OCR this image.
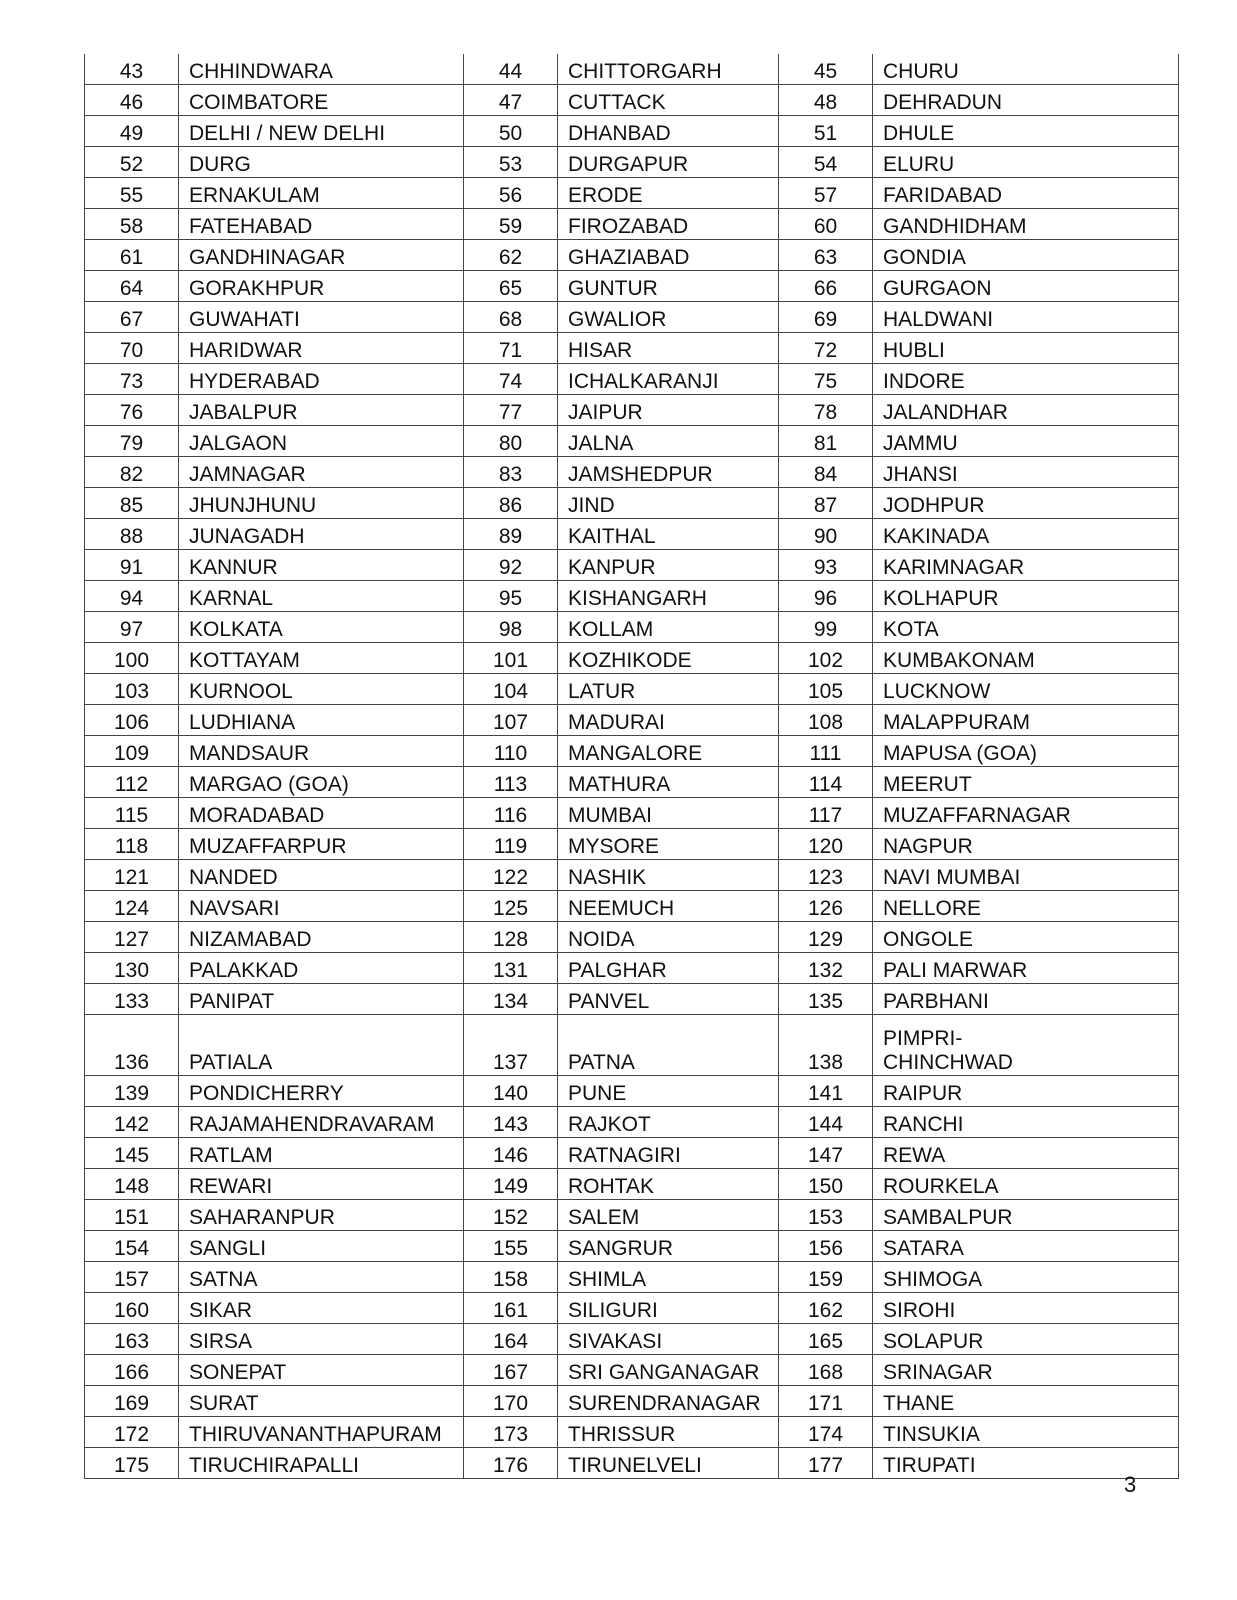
43	CHHINDWARA	44	CHITTORGARH	45	CHURU
46	COIMBATORE	47	CUTTACK	48	DEHRADUN
49	DELHI / NEW DELHI	50	DHANBAD	51	DHULE
52	DURG	53	DURGAPUR	54	ELURU
55	ERNAKULAM	56	ERODE	57	FARIDABAD
58	FATEHABAD	59	FIROZABAD	60	GANDHIDHAM
61	GANDHINAGAR	62	GHAZIABAD	63	GONDIA
64	GORAKHPUR	65	GUNTUR	66	GURGAON
67	GUWAHATI	68	GWALIOR	69	HALDWANI
70	HARIDWAR	71	HISAR	72	HUBLI
73	HYDERABAD	74	ICHALKARANJI	75	INDORE
76	JABALPUR	77	JAIPUR	78	JALANDHAR
79	JALGAON	80	JALNA	81	JAMMU
82	JAMNAGAR	83	JAMSHEDPUR	84	JHANSI
85	JHUNJHUNU	86	JIND	87	JODHPUR
88	JUNAGADH	89	KAITHAL	90	KAKINADA
91	KANNUR	92	KANPUR	93	KARIMNAGAR
94	KARNAL	95	KISHANGARH	96	KOLHAPUR
97	KOLKATA	98	KOLLAM	99	KOTA
100	KOTTAYAM	101	KOZHIKODE	102	KUMBAKONAM
103	KURNOOL	104	LATUR	105	LUCKNOW
106	LUDHIANA	107	MADURAI	108	MALAPPURAM
109	MANDSAUR	110	MANGALORE	111	MAPUSA (GOA)
112	MARGAO (GOA)	113	MATHURA	114	MEERUT
115	MORADABAD	116	MUMBAI	117	MUZAFFARNAGAR
118	MUZAFFARPUR	119	MYSORE	120	NAGPUR
121	NANDED	122	NASHIK	123	NAVI MUMBAI
124	NAVSARI	125	NEEMUCH	126	NELLORE
127	NIZAMABAD	128	NOIDA	129	ONGOLE
130	PALAKKAD	131	PALGHAR	132	PALI MARWAR
133	PANIPAT	134	PANVEL	135	PARBHANI
136	PATIALA	137	PATNA	138	PIMPRI-
CHINCHWAD
139	PONDICHERRY	140	PUNE	141	RAIPUR
142	RAJAMAHENDRAVARAM	143	RAJKOT	144	RANCHI
145	RATLAM	146	RATNAGIRI	147	REWA
148	REWARI	149	ROHTAK	150	ROURKELA
151	SAHARANPUR	152	SALEM	153	SAMBALPUR
154	SANGLI	155	SANGRUR	156	SATARA
157	SATNA	158	SHIMLA	159	SHIMOGA
160	SIKAR	161	SILIGURI	162	SIROHI
163	SIRSA	164	SIVAKASI	165	SOLAPUR
166	SONEPAT	167	SRI GANGANAGAR	168	SRINAGAR
169	SURAT	170	SURENDRANAGAR	171	THANE
172	THIRUVANANTHAPURAM	173	THRISSUR	174	TINSUKIA
175	TIRUCHIRAPALLI	176	TIRUNELVELI	177	TIRUPATI
3
